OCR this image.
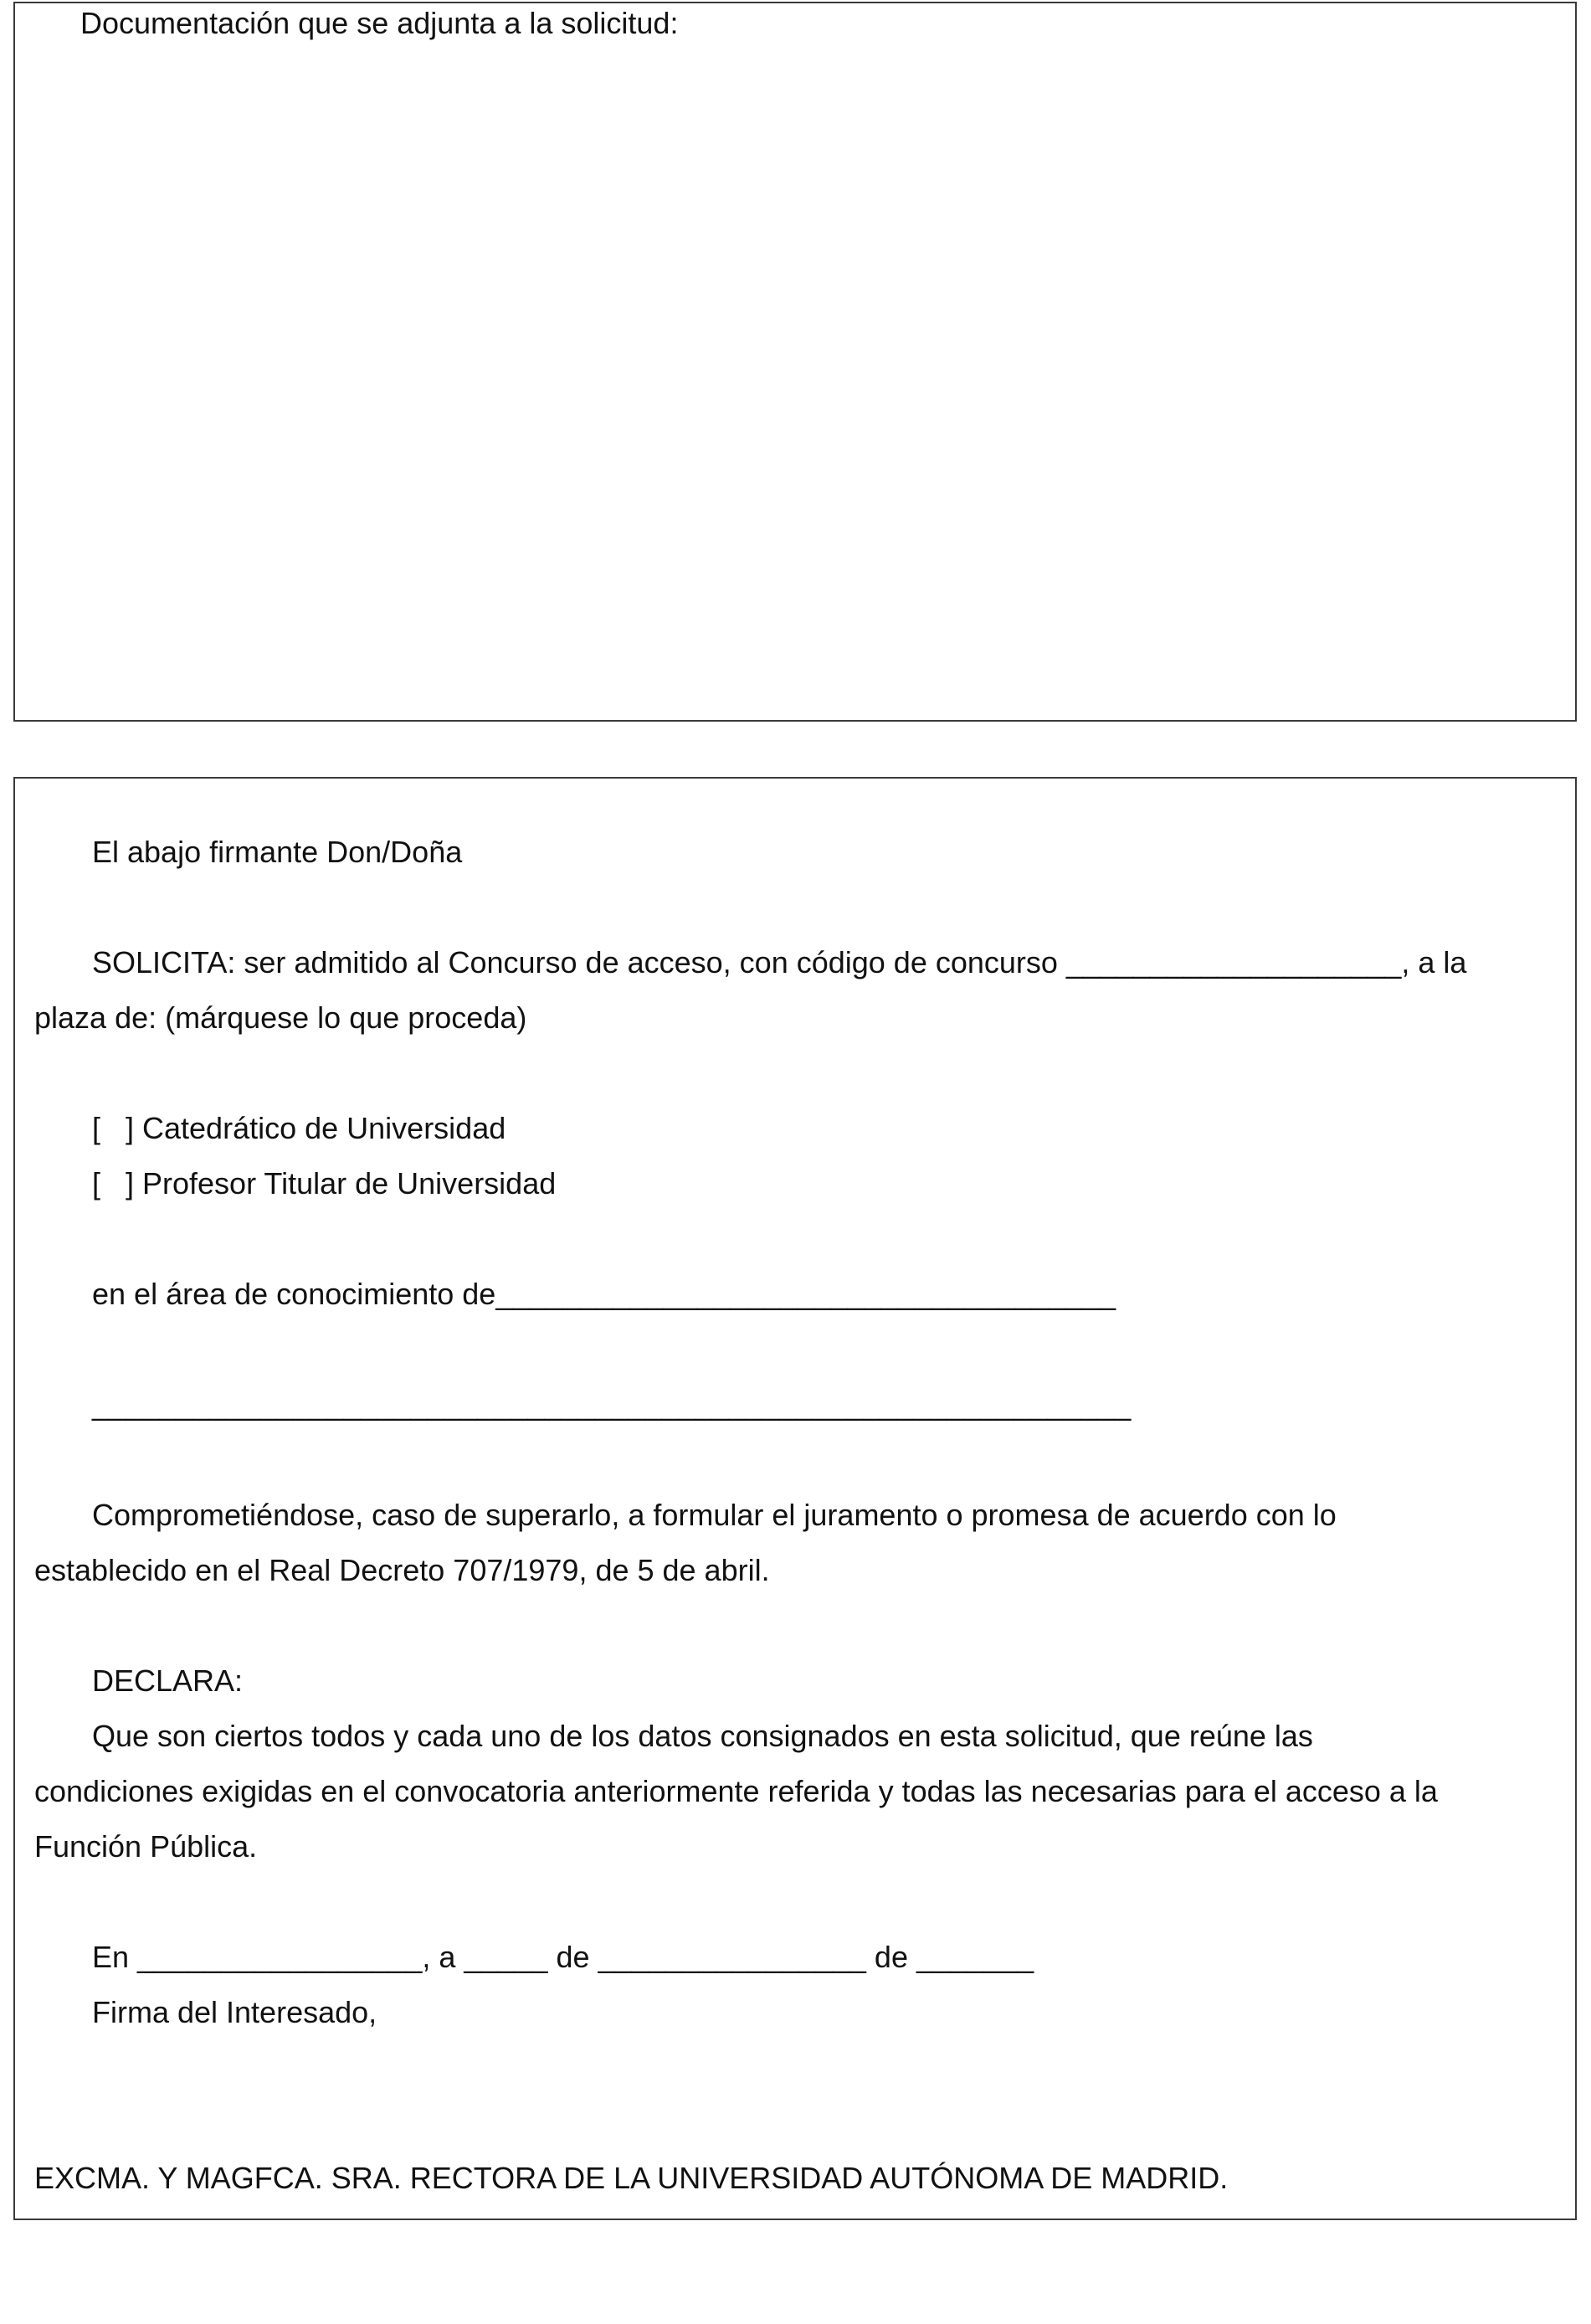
Documentación que se adjunta a la solicitud:
El abajo firmante Don/Doña
SOLICITA: ser admitido al Concurso de acceso, con código de concurso ____________________, a la
plaza de: (márquese lo que proceda)
[   ] Catedrático de Universidad
[   ] Profesor Titular de Universidad
en el área de conocimiento de_____________________________________
______________________________________________________________
Comprometiéndose, caso de superarlo, a formular el juramento o promesa de acuerdo con lo
establecido en el Real Decreto 707/1979, de 5 de abril.
DECLARA:
Que son ciertos todos y cada uno de los datos consignados en esta solicitud, que reúne las
condiciones exigidas en el convocatoria anteriormente referida y todas las necesarias para el acceso a la
Función Pública.
En _________________, a _____ de ________________ de _______
Firma del Interesado,
EXCMA. Y MAGFCA. SRA. RECTORA DE LA UNIVERSIDAD AUTÓNOMA DE MADRID.
